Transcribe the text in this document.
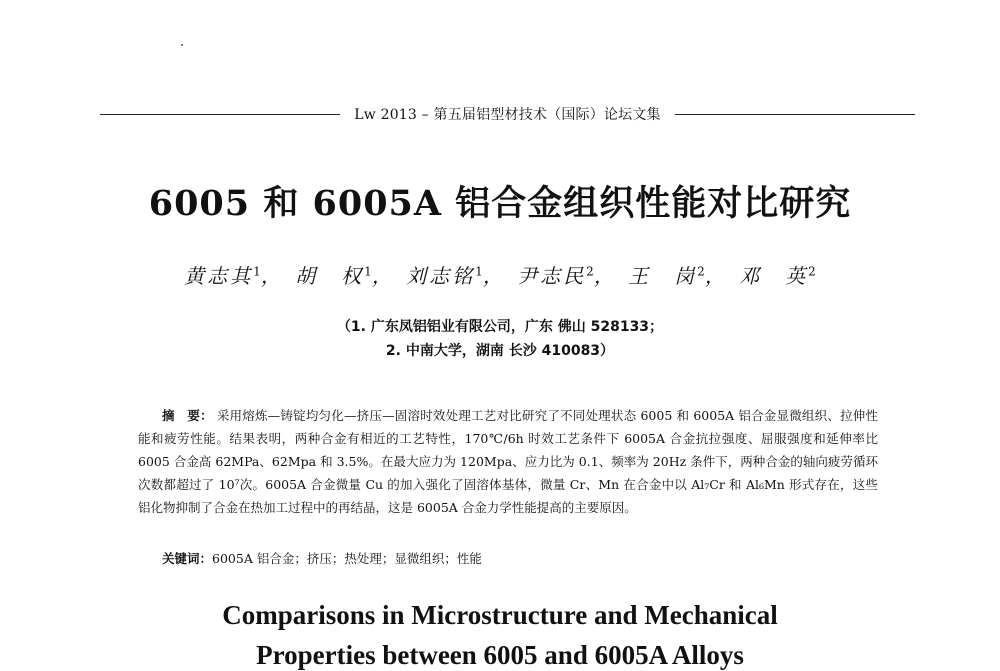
Lw 2013 – 第五届铝型材技术（国际）论坛文集
6005 和 6005A 铝合金组织性能对比研究
黄志其$^1$， 胡　权$^1$， 刘志铭$^1$， 尹志民$^2$， 王　岗$^2$， 邓　英$^2$
（1. 广东凤铝铝业有限公司，广东 佛山 528133；
2. 中南大学，湖南 长沙 410083）
摘　要： 采用熔炼—铸锭均匀化—挤压—固溶时效处理工艺对比研究了不同处理状态 6005 和 6005A 铝合金显微组织、拉伸性能和疲劳性能。结果表明，两种合金有相近的工艺特性，170℃/6h 时效工艺条件下 6005A 合金抗拉强度、屈服强度和延伸率比 6005 合金高 62MPa、62Mpa 和 3.5%。在最大应力为 120Mpa、应力比为 0.1、频率为 20Hz 条件下，两种合金的轴向疲劳循环次数都超过了 10⁷次。6005A 合金微量 Cu 的加入强化了固溶体基体，微量 Cr、Mn 在合金中以 Al₇Cr 和 Al₆Mn 形式存在，这些铝化物抑制了合金在热加工过程中的再结晶，这是 6005A 合金力学性能提高的主要原因。
关键词：6005A 铝合金；挤压；热处理；显微组织；性能
Comparisons in Microstructure and Mechanical
Properties between 6005 and 6005A Alloys
